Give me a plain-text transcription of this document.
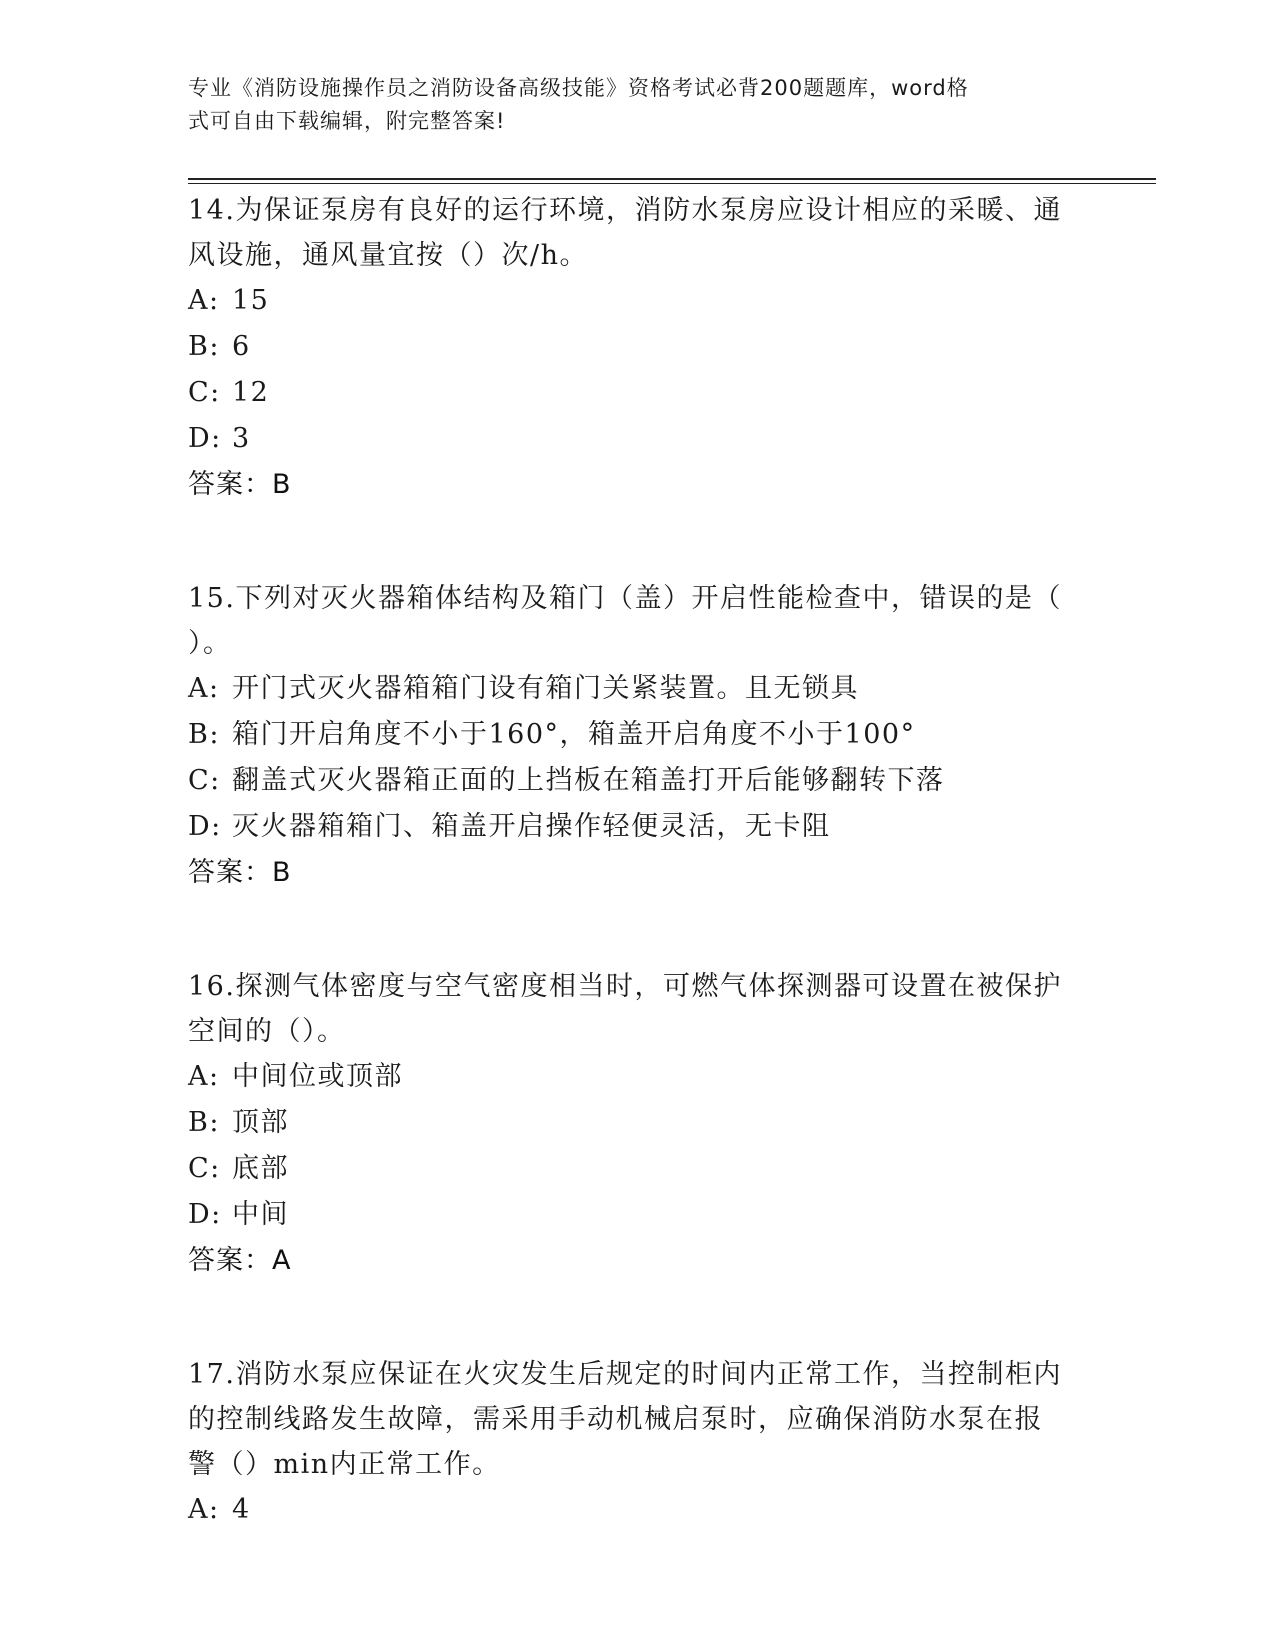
专业《消防设施操作员之消防设备高级技能》资格考试必背200题题库，word格
式可自由下载编辑，附完整答案!
14.为保证泵房有良好的运行环境，消防水泵房应设计相应的采暖、通
风设施，通风量宜按（）次/h。
A: 15
B: 6
C: 12
D: 3
答案：B
15.下列对灭火器箱体结构及箱门（盖）开启性能检查中，错误的是（
）。
A: 开门式灭火器箱箱门设有箱门关紧装置。且无锁具
B: 箱门开启角度不小于160°，箱盖开启角度不小于100°
C: 翻盖式灭火器箱正面的上挡板在箱盖打开后能够翻转下落
D: 灭火器箱箱门、箱盖开启操作轻便灵活，无卡阻
答案：B
16.探测气体密度与空气密度相当时，可燃气体探测器可设置在被保护
空间的（）。
A: 中间位或顶部
B: 顶部
C: 底部
D: 中间
答案：A
17.消防水泵应保证在火灾发生后规定的时间内正常工作，当控制柜内
的控制线路发生故障，需采用手动机械启泵时，应确保消防水泵在报
警（）min内正常工作。
A: 4
